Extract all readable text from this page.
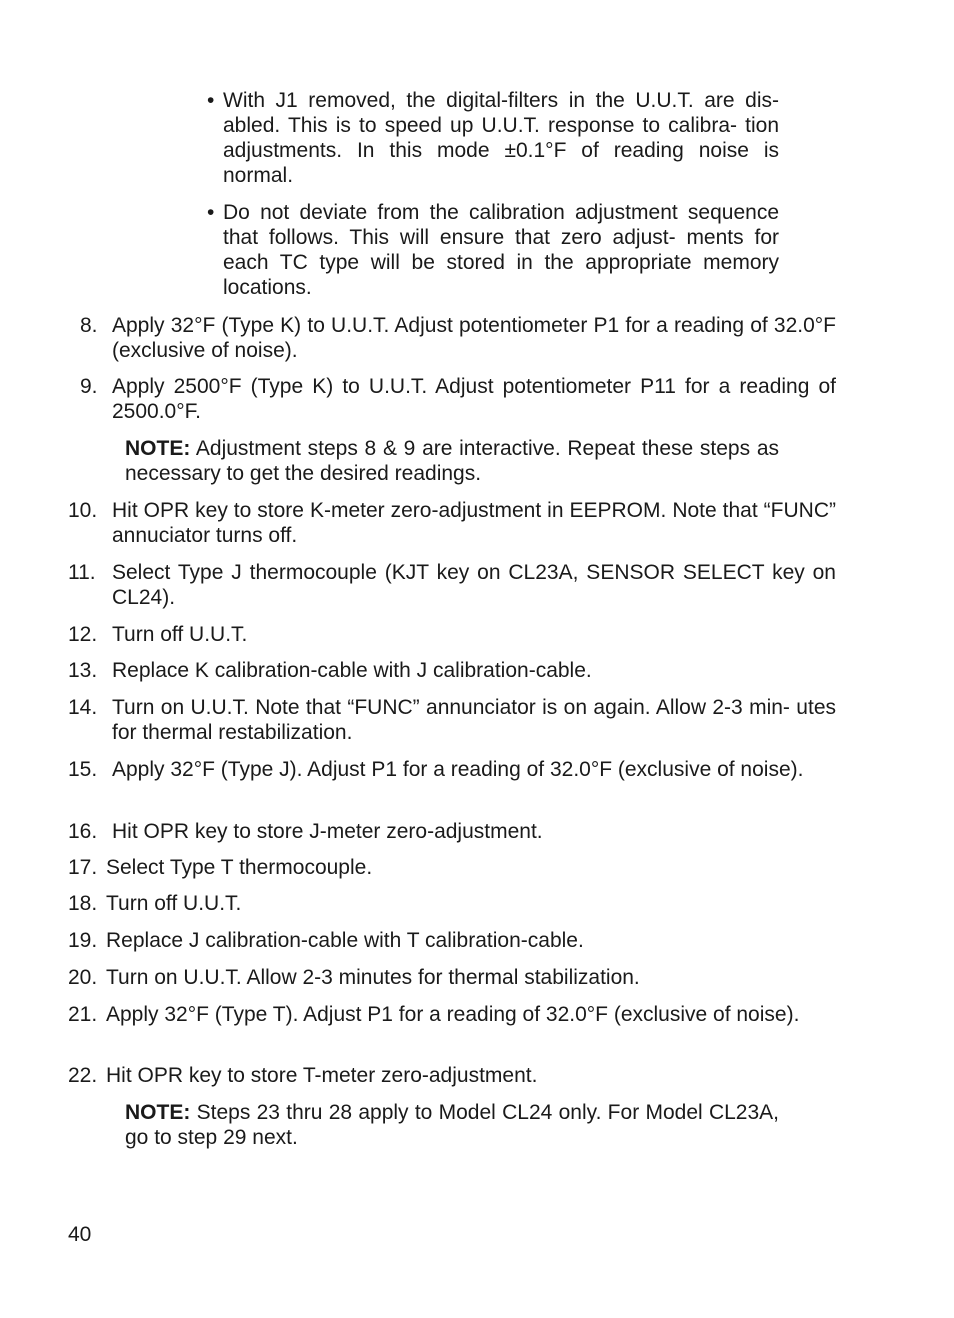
• With J1 removed, the digital-filters in the U.U.T. are dis- abled. This is to speed up U.U.T. response to calibra- tion adjustments. In this mode ±0.1°F of reading noise is normal.
• Do not deviate from the calibration adjustment sequence that follows. This will ensure that zero adjust- ments for each TC type will be stored in the appropriate memory locations.
8. Apply 32°F (Type K) to U.U.T. Adjust potentiometer P1 for a reading of 32.0°F (exclusive of noise).
9. Apply 2500°F (Type K) to U.U.T. Adjust potentiometer P11 for a reading of 2500.0°F.
NOTE: Adjustment steps 8 & 9 are interactive. Repeat these steps as necessary to get the desired readings.
10. Hit OPR key to store K-meter zero-adjustment in EEPROM. Note that “FUNC” annuciator turns off.
11. Select Type J thermocouple (KJT key on CL23A, SENSOR SELECT key on CL24).
12. Turn off U.U.T.
13. Replace K calibration-cable with J calibration-cable.
14. Turn on U.U.T. Note that “FUNC” annunciator is on again. Allow 2-3 min- utes for thermal restabilization.
15. Apply 32°F (Type J). Adjust P1 for a reading of 32.0°F (exclusive of noise).
16. Hit OPR key to store J-meter zero-adjustment.
17. Select Type T thermocouple.
18. Turn off U.U.T.
19. Replace J calibration-cable with T calibration-cable.
20. Turn on U.U.T. Allow 2-3 minutes for thermal stabilization.
21. Apply 32°F (Type T). Adjust P1 for a reading of 32.0°F (exclusive of noise).
22. Hit OPR key to store T-meter zero-adjustment.
NOTE: Steps 23 thru 28 apply to Model CL24 only. For Model CL23A, go to step 29 next.
40
